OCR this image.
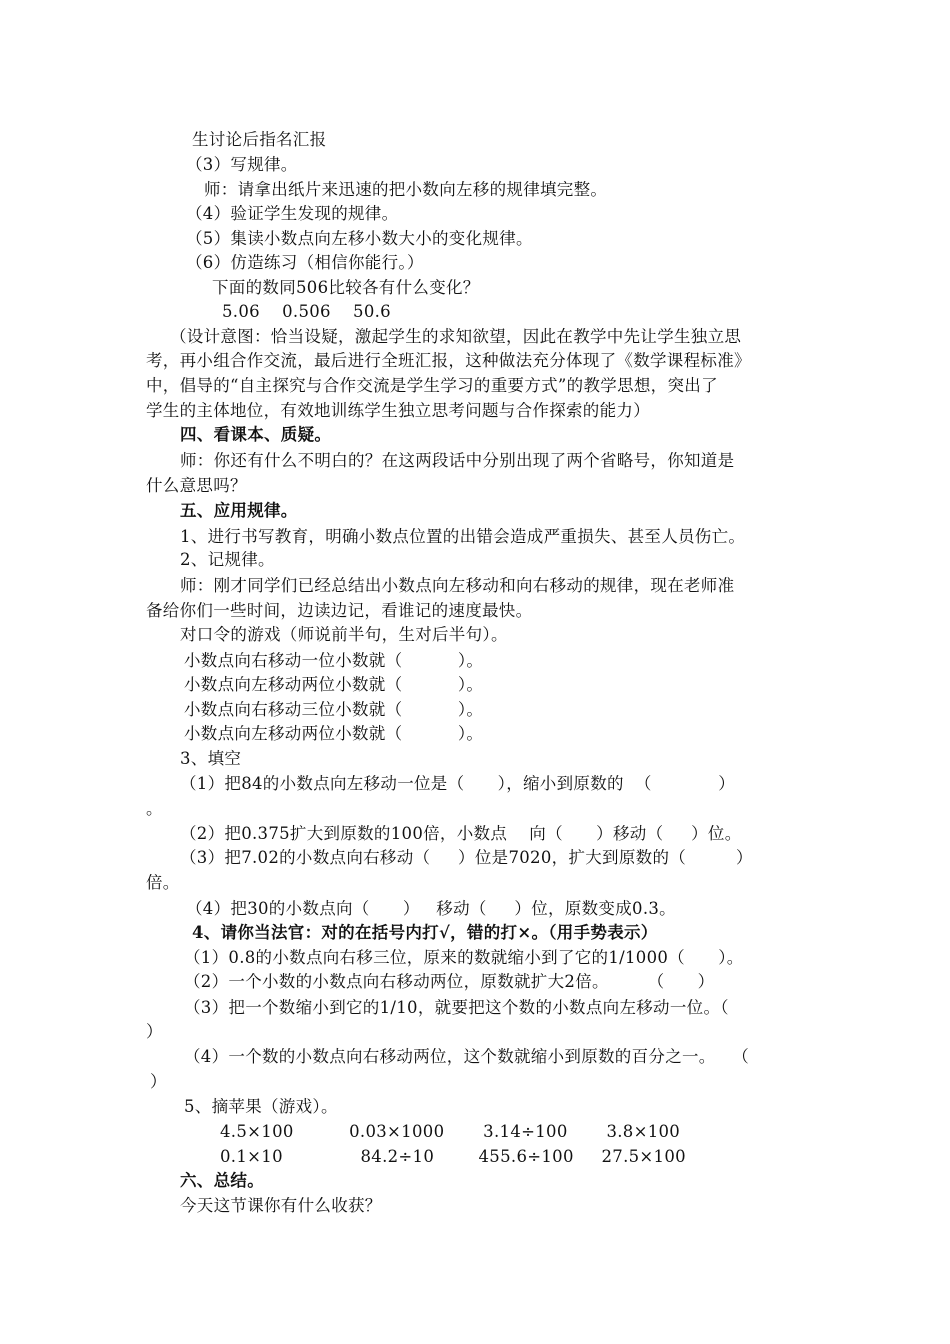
生讨论后指名汇报
（3）写规律。
师：请拿出纸片来迅速的把小数向左移的规律填完整。
（4）验证学生发现的规律。
（5）集读小数点向左移小数大小的变化规律。
（6）仿造练习（相信你能行。）
下面的数同506比较各有什么变化？
5.06    0.506    50.6
（设计意图：恰当设疑，激起学生的求知欲望，因此在教学中先让学生独立思
考，再小组合作交流，最后进行全班汇报，这种做法充分体现了《数学课程标准》
中，倡导的“自主探究与合作交流是学生学习的重要方式”的教学思想，突出了
学生的主体地位，有效地训练学生独立思考问题与合作探索的能力）
四、看课本、质疑。
师：你还有什么不明白的？在这两段话中分别出现了两个省略号，你知道是
什么意思吗？
五、应用规律。
1、进行书写教育，明确小数点位置的出错会造成严重损失、甚至人员伤亡。
2、记规律。
师：刚才同学们已经总结出小数点向左移动和向右移动的规律，现在老师准
备给你们一些时间，边读边记，看谁记的速度最快。
对口令的游戏（师说前半句，生对后半句）。
小数点向右移动一位小数就（          ）。
小数点向左移动两位小数就（          ）。
小数点向右移动三位小数就（          ）。
小数点向左移动两位小数就（          ）。
3、填空
（1）把84的小数点向左移动一位是（      ），缩小到原数的  （            ）
。
（2）把0.375扩大到原数的100倍，小数点    向（      ）移动（     ）位。
（3）把7.02的小数点向右移动（     ）位是7020，扩大到原数的（         ）
倍。
（4）把30的小数点向（      ）   移动（     ）位，原数变成0.3。
4、请你当法官：对的在括号内打√，错的打×。（用手势表示）
（1）0.8的小数点向右移三位，原来的数就缩小到了它的1/1000（      ）。
（2）一个小数的小数点向右移动两位，原数就扩大2倍。       （      ）
（3）把一个数缩小到它的1/10，就要把这个数的小数点向左移动一位。（
）
（4）一个数的小数点向右移动两位，这个数就缩小到原数的百分之一。   （
）
5、摘苹果（游戏）。
4.5×100          0.03×1000       3.14÷100       3.8×100
0.1×10              84.2÷10        455.6÷100     27.5×100
六、总结。
今天这节课你有什么收获？
